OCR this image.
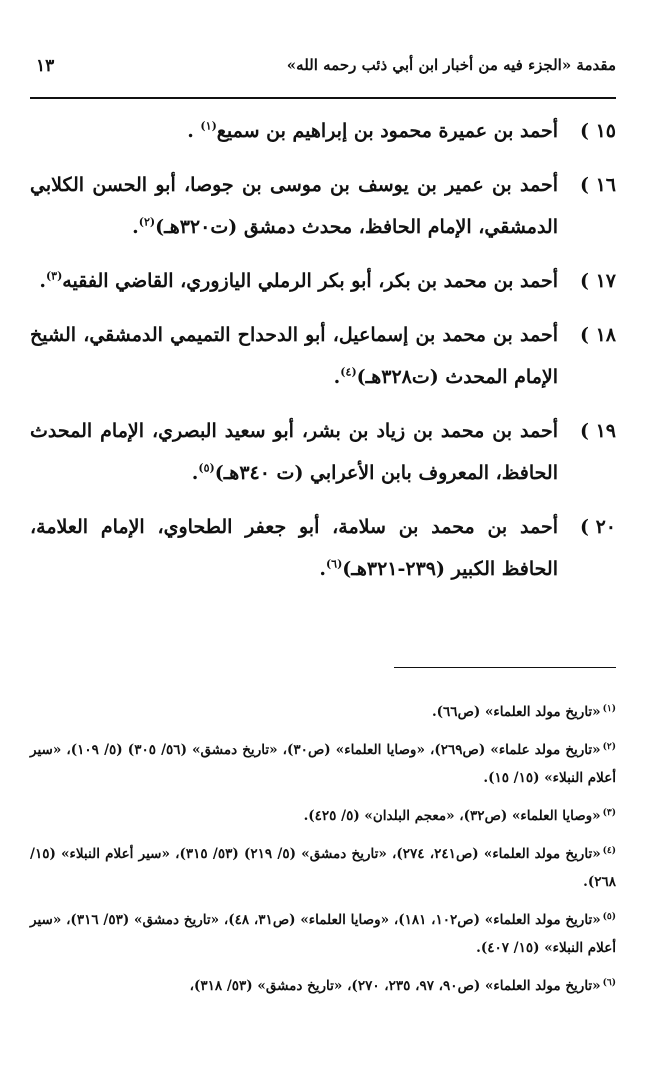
مقدمة «الجزء فيه من أخبار ابن أبي ذئب رحمه الله»
١٣
١٥ )
أحمد بن عميرة محمود بن إبراهيم بن سميع$^{(١)}$ .
١٦ )
أحمد بن عمير بن يوسف بن موسى بن جوصا، أبو الحسن الكلابي الدمشقي، الإمام الحافظ، محدث دمشق (ت٣٢٠هـ)$^{(٢)}$.
١٧ )
أحمد بن محمد بن بكر، أبو بكر الرملي اليازوري، القاضي الفقيه$^{(٣)}$.
١٨ )
أحمد بن محمد بن إسماعيل، أبو الدحداح التميمي الدمشقي، الشيخ الإمام المحدث (ت٣٢٨هـ)$^{(٤)}$.
١٩ )
أحمد بن محمد بن زياد بن بشر، أبو سعيد البصري، الإمام المحدث الحافظ، المعروف بابن الأعرابي (ت ٣٤٠هـ)$^{(٥)}$.
٢٠ )
أحمد بن محمد بن سلامة، أبو جعفر الطحاوي، الإمام العلامة، الحافظ الكبير (٢٣٩-٣٢١هـ)$^{(٦)}$.
$^{(١)}$«تاريخ مولد العلماء» (ص٦٦).
$^{(٢)}$«تاريخ مولد علماء» (ص٢٦٩)، «وصايا العلماء» (ص٣٠)، «تاريخ دمشق» (٥٦/ ٣٠٥) (٥/ ١٠٩)، «سير أعلام النبلاء» (١٥/ ١٥).
$^{(٣)}$«وصايا العلماء» (ص٣٢)، «معجم البلدان» (٥/ ٤٢٥).
$^{(٤)}$«تاريخ مولد العلماء» (ص٢٤١، ٢٧٤)، «تاريخ دمشق» (٥/ ٢١٩) (٥٣/ ٣١٥)، «سير أعلام النبلاء» (١٥/ ٢٦٨).
$^{(٥)}$«تاريخ مولد العلماء» (ص١٠٢، ١٨١)، «وصايا العلماء» (ص٣١، ٤٨)، «تاريخ دمشق» (٥٣/ ٣١٦)، «سير أعلام النبلاء» (١٥/ ٤٠٧).
$^{(٦)}$«تاريخ مولد العلماء» (ص٩٠، ٩٧، ٢٣٥، ٢٧٠)، «تاريخ دمشق» (٥٣/ ٣١٨)،
